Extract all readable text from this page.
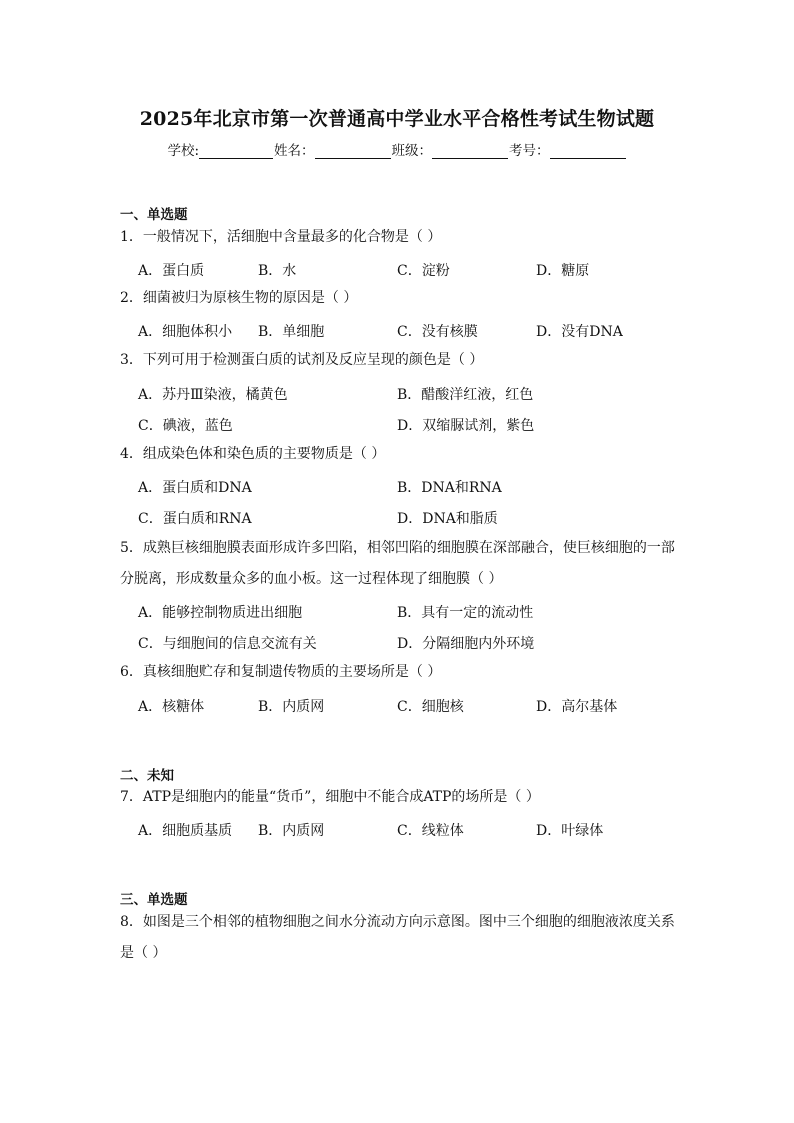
2025年北京市第一次普通高中学业水平合格性考试生物试题
学校:	姓名：	班级：	考号：
一、单选题
1．一般情况下，活细胞中含量最多的化合物是（ ）
A．蛋白质	B．水	C．淀粉	D．糖原
2．细菌被归为原核生物的原因是（ ）
A．细胞体积小 B．单细胞	C．没有核膜	D．没有DNA
3．下列可用于检测蛋白质的试剂及反应呈现的颜色是（ ）
A．苏丹Ⅲ染液，橘黄色	B．醋酸洋红液，红色
C．碘液，蓝色	D．双缩脲试剂，紫色
4．组成染色体和染色质的主要物质是（ ）
A．蛋白质和DNA	B．DNA和RNA
C．蛋白质和RNA	D．DNA和脂质
5．成熟巨核细胞膜表面形成许多凹陷，相邻凹陷的细胞膜在深部融合，使巨核细胞的一部分脱离，形成数量众多的血小板。这一过程体现了细胞膜（ ）
A．能够控制物质进出细胞	B．具有一定的流动性
C．与细胞间的信息交流有关	D．分隔细胞内外环境
6．真核细胞贮存和复制遗传物质的主要场所是（ ）
A．核糖体	B．内质网	C．细胞核	D．高尔基体
二、未知
7．ATP是细胞内的能量“货币”，细胞中不能合成ATP的场所是（ ）
A．细胞质基质 B．内质网	C．线粒体	D．叶绿体
三、单选题
8．如图是三个相邻的植物细胞之间水分流动方向示意图。图中三个细胞的细胞液浓度关系是（ ）
